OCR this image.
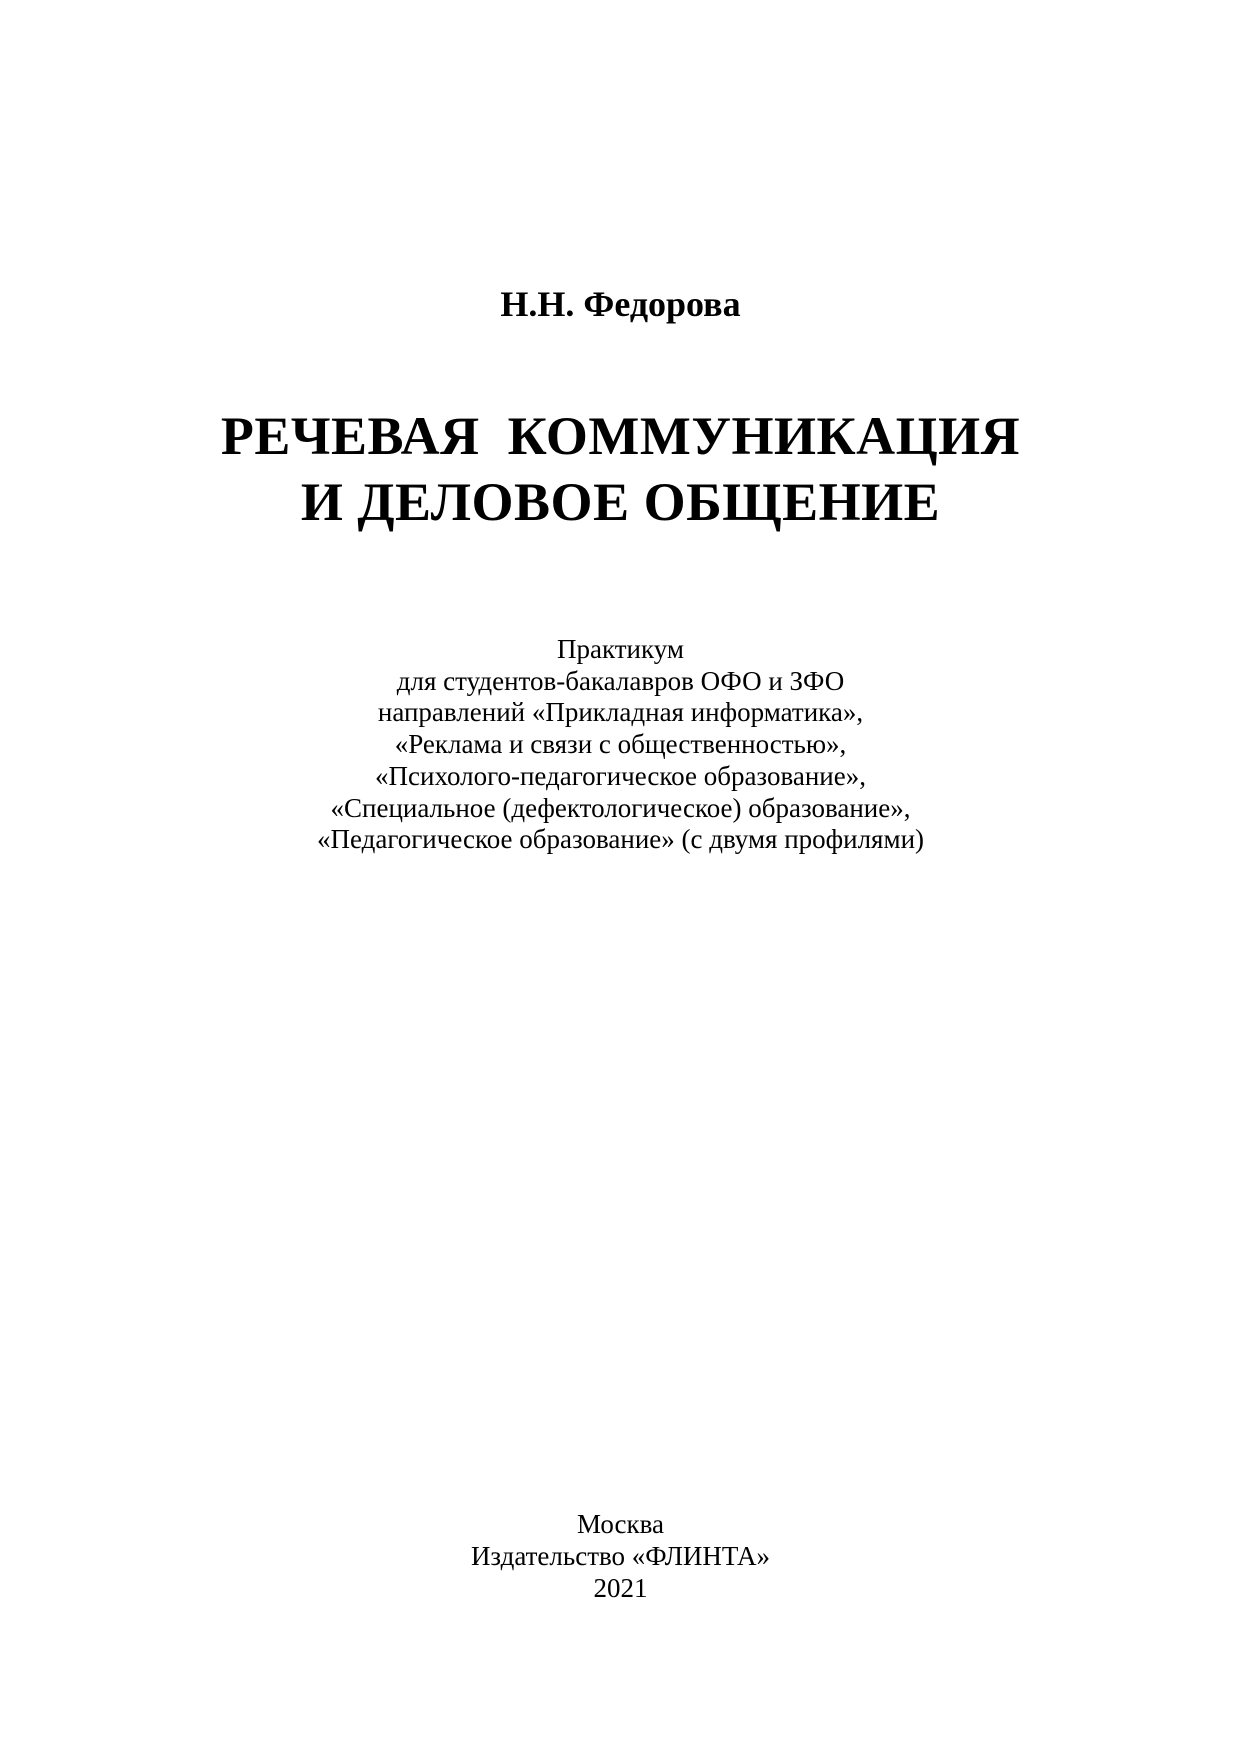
Н.Н. Федорова
РЕЧЕВАЯ  КОММУНИКАЦИЯ
И ДЕЛОВОЕ ОБЩЕНИЕ
Практикум
для студентов-бакалавров ОФО и ЗФО
направлений «Прикладная информатика»,
«Реклама и связи с общественностью»,
«Психолого-педагогическое образование»,
«Специальное (дефектологическое) образование»,
«Педагогическое образование» (с двумя профилями)
Москва
Издательство «ФЛИНТА»
2021
